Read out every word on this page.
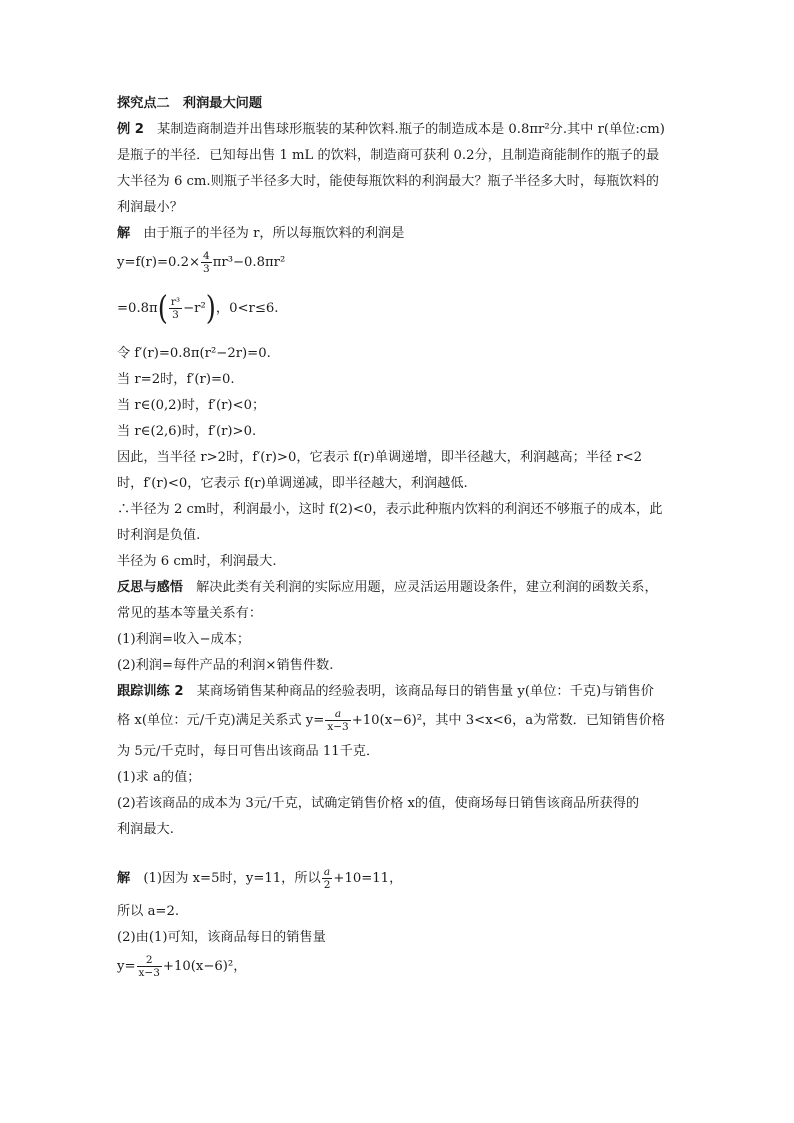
探究点二　利润最大问题
例 2　 某制造商制造并出售球形瓶装的某种饮料.瓶子的制造成本是 0.8πr²分.其中 r(单位:cm)
是瓶子的半径．已知每出售 1 mL 的饮料，制造商可获利 0.2分，且制造商能制作的瓶子的最
大半径为 6 cm.则瓶子半径多大时，能使每瓶饮料的利润最大？瓶子半径多大时，每瓶饮料的
利润最小？
解　 由于瓶子的半径为 r，所以每瓶饮料的利润是
$y=f(r)=0.2\times \frac{4}{3} \pi r^3-0.8\pi r^2$
$=0.8\pi( \frac{\text{r³}}{3} -r^2)$，0<r≤6.
令 f′(r)=0.8π(r²−2r)=0.
当 r=2时，f′(r)=0.
当 r∈(0,2)时，f′(r)<0；
当 r∈(2,6)时，f′(r)>0.
因此，当半径 r>2时，f′(r)>0，它表示 f(r)单调递增，即半径越大，利润越高；半径 r<2
时，f′(r)<0，它表示 f(r)单调递减，即半径越大，利润越低.
∴半径为 2 cm时，利润最小，这时 f(2)<0，表示此种瓶内饮料的利润还不够瓶子的成本，此
时利润是负值.
半径为 6 cm时，利润最大.
反思与感悟　 解决此类有关利润的实际应用题，应灵活运用题设条件，建立利润的函数关系，
常见的基本等量关系有：
(1)利润=收入−成本；
(2)利润=每件产品的利润×销售件数.
跟踪训练 2　 某商场销售某种商品的经验表明，该商品每日的销售量 y(单位：千克)与销售价
格 x(单位：元/千克)满足关系式 $y= \frac{a}{x-3} +10(x-6)^2$，其中 3<x<6，a为常数．已知销售价格
为 5元/千克时，每日可售出该商品 11千克．
(1)求 a的值；
(2)若该商品的成本为 3元/千克，试确定销售价格 x的值，使商场每日销售该商品所获得的
利润最大.
解　 (1)因为 x=5时，y=11，所以 $\frac{a}{2} +10=11$，
所以 a=2.
(2)由(1)可知，该商品每日的销售量
$y= \frac{2}{x-3} +10(x-6)^2$，
